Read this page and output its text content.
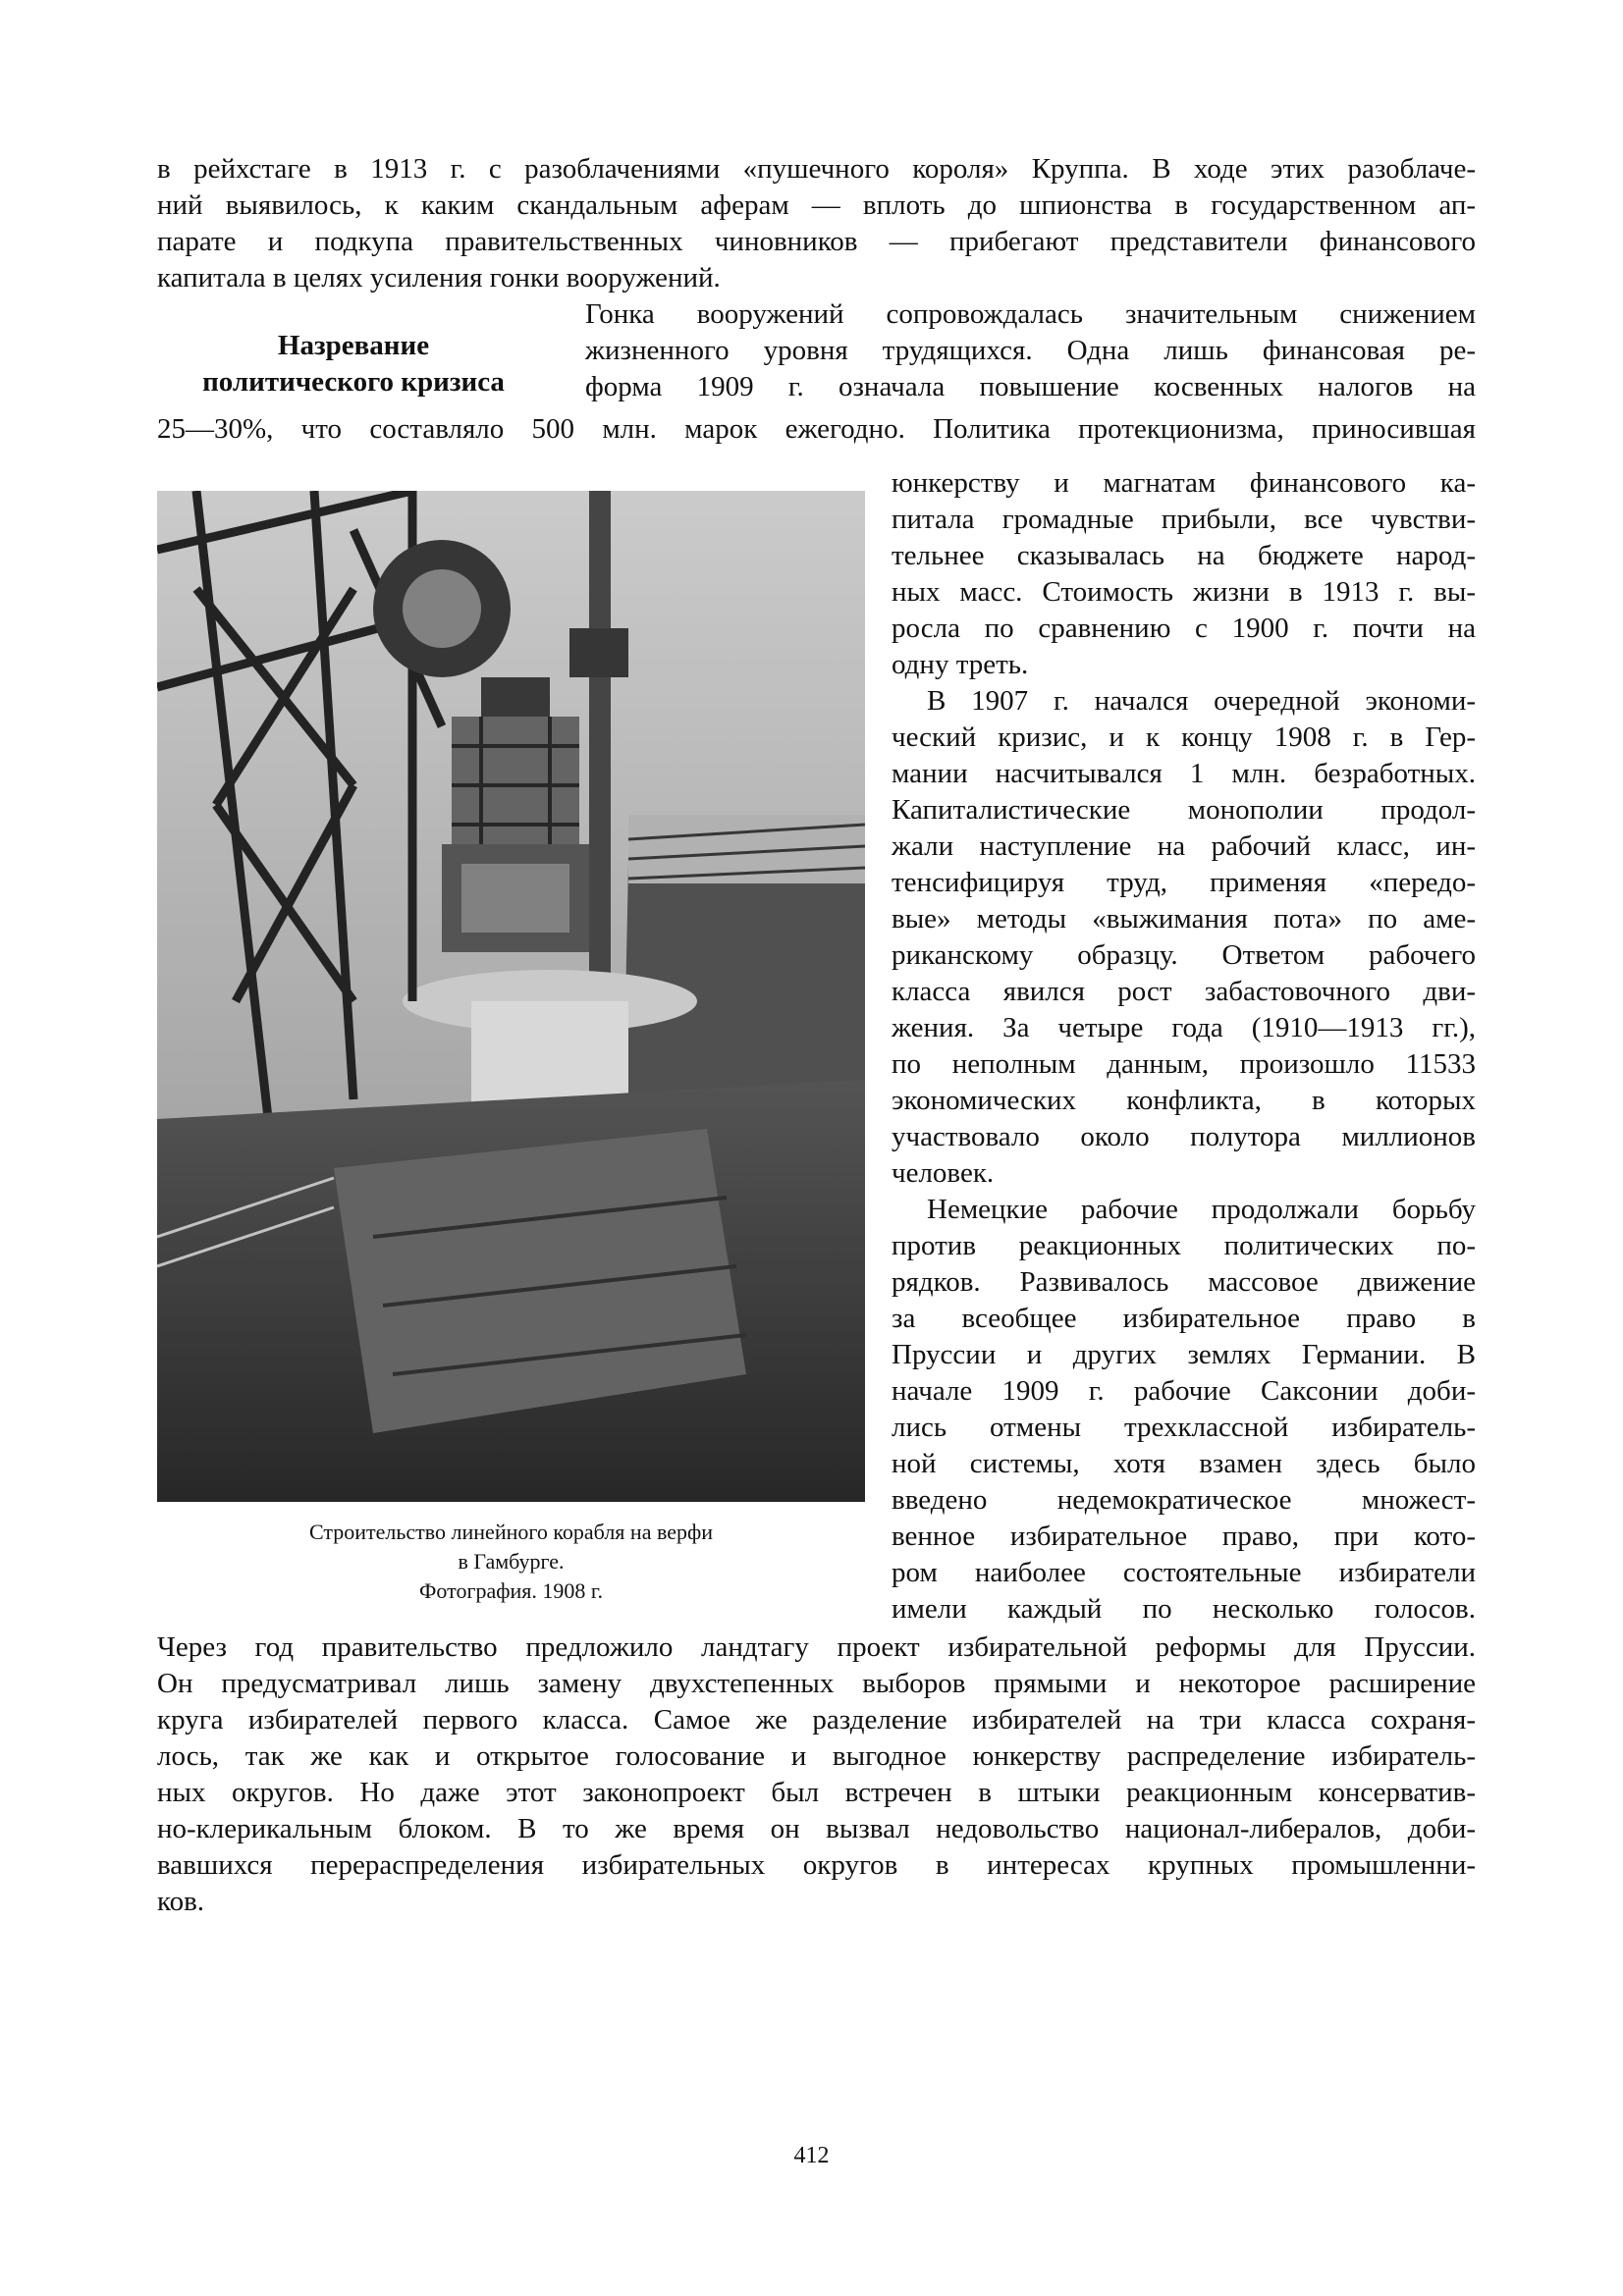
в рейхстаге в 1913 г. с разоблачениями «пушечного короля» Круппа. В ходе этих разоблаче-
ний выявилось, к каким скандальным аферам — вплоть до шпионства в государственном ап-
парате и подкупа правительственных чиновников — прибегают представители финансового
капитала в целях усиления гонки вооружений.
Назревание
политического кризиса
Гонка вооружений сопровождалась значительным снижением
жизненного уровня трудящихся. Одна лишь финансовая ре-
форма 1909 г. означала повышение косвенных налогов на
25—30%, что составляло 500 млн. марок ежегодно. Политика протекционизма, приносившая
юнкерству и магнатам финансового ка-
питала громадные прибыли, все чувстви-
тельнее сказывалась на бюджете народ-
ных масс. Стоимость жизни в 1913 г. вы-
росла по сравнению с 1900 г. почти на
одну треть.
В 1907 г. начался очередной экономи-
ческий кризис, и к концу 1908 г. в Гер-
мании насчитывался 1 млн. безработных.
Капиталистические монополии продол-
жали наступление на рабочий класс, ин-
тенсифицируя труд, применяя «передо-
вые» методы «выжимания пота» по аме-
риканскому образцу. Ответом рабочего
класса явился рост забастовочного дви-
жения. За четыре года (1910—1913 гг.),
по неполным данным, произошло 11533
экономических конфликта, в которых
участвовало около полутора миллионов
человек.
Немецкие рабочие продолжали борьбу
против реакционных политических по-
рядков. Развивалось массовое движение
за всеобщее избирательное право в
Пруссии и других землях Германии. В
начале 1909 г. рабочие Саксонии доби-
лись отмены трехклассной избиратель-
ной системы, хотя взамен здесь было
введено недемократическое множест-
венное избирательное право, при кото-
ром наиболее состоятельные избиратели
имели каждый по несколько голосов.
Строительство линейного корабля на верфи
в Гамбурге.
Фотография. 1908 г.
Через год правительство предложило ландтагу проект избирательной реформы для Пруссии.
Он предусматривал лишь замену двухстепенных выборов прямыми и некоторое расширение
круга избирателей первого класса. Самое же разделение избирателей на три класса сохраня-
лось, так же как и открытое голосование и выгодное юнкерству распределение избиратель-
ных округов. Но даже этот законопроект был встречен в штыки реакционным консерватив-
но-клерикальным блоком. В то же время он вызвал недовольство национал-либералов, доби-
вавшихся перераспределения избирательных округов в интересах крупных промышленни-
ков.
412
